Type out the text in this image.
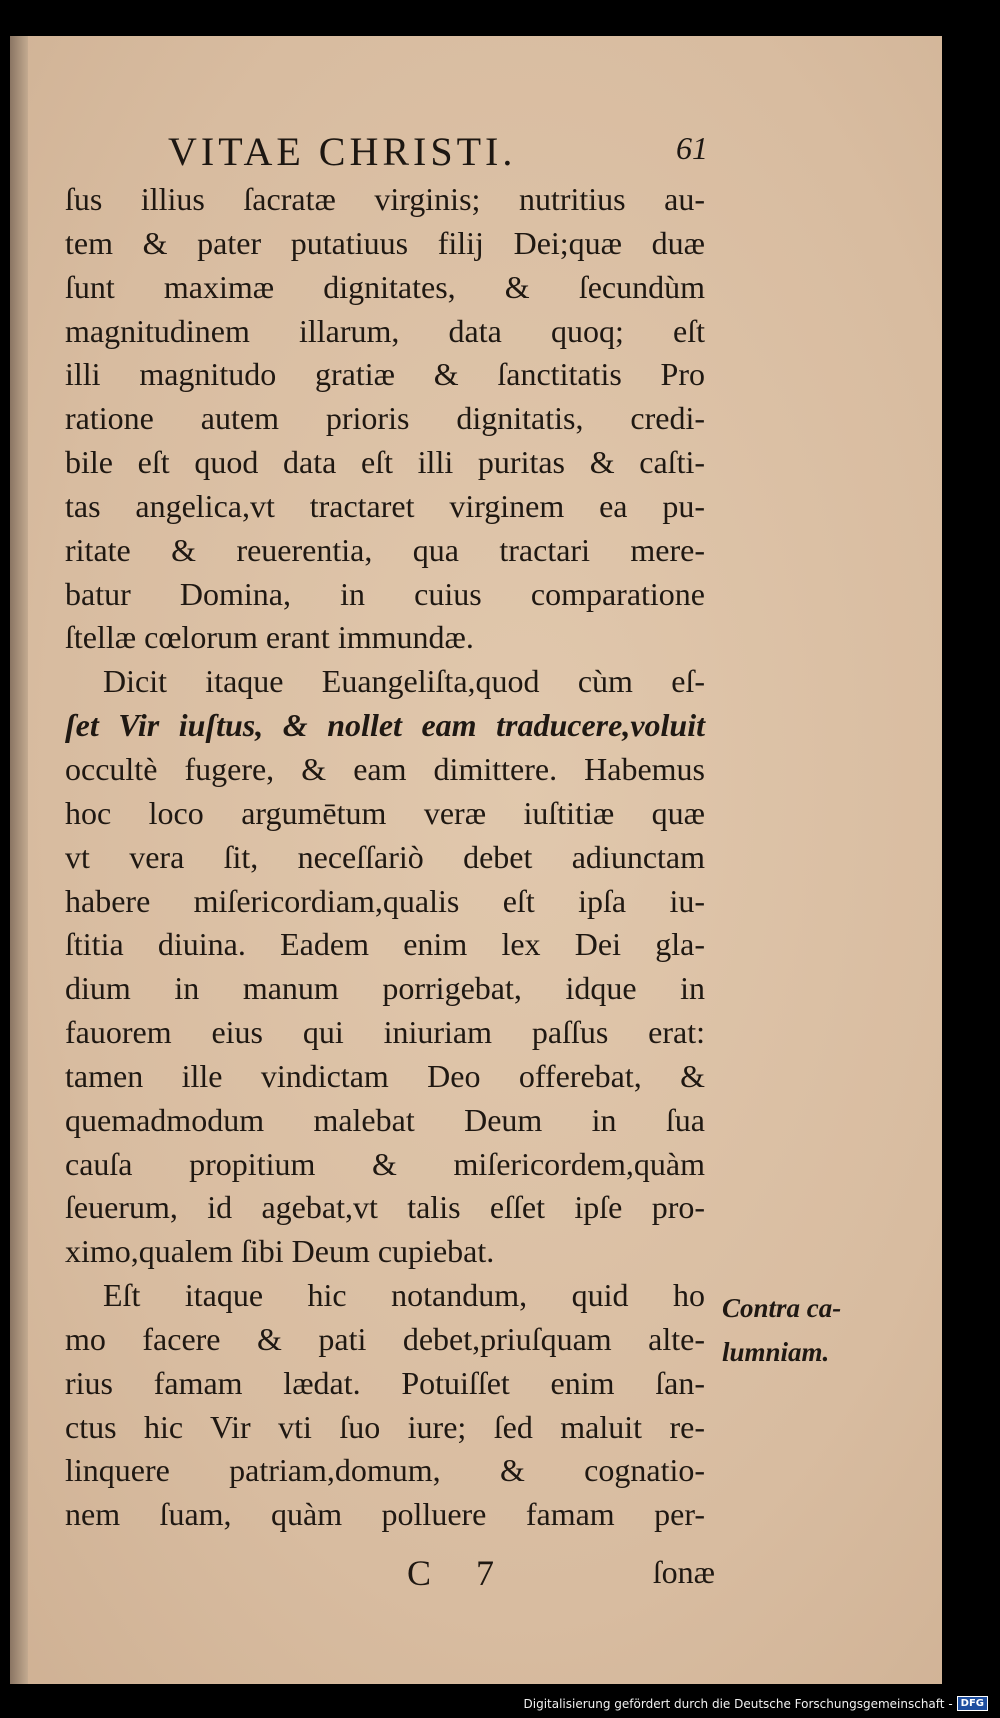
VITAE CHRISTI.	61
ſus illius ſacratæ virginis; nutritius au-
tem & pater putatiuus filij Dei;quæ duæ
ſunt maximæ dignitates, & ſecundùm
magnitudinem illarum, data quoq; eſt
illi magnitudo gratiæ & ſanctitatis Pro
ratione autem prioris dignitatis, credi-
bile eſt quod data eſt illi puritas & caſti-
tas angelica,vt tractaret virginem ea pu-
ritate & reuerentia, qua tractari mere-
batur Domina, in cuius comparatione
ſtellæ cœlorum erant immundæ.
Dicit itaque Euangeliſta,quod cùm eſ-
ſet Vir iuſtus, & nollet eam traducere,voluit
occultè fugere, & eam dimittere. Habemus
hoc loco argumētum veræ iuſtitiæ quæ
vt vera ſit, neceſſariò debet adiunctam
habere miſericordiam,qualis eſt ipſa iu-
ſtitia diuina. Eadem enim lex Dei gla-
dium in manum porrigebat, idque in
fauorem eius qui iniuriam paſſus erat:
tamen ille vindictam Deo offerebat, &
quemadmodum malebat Deum in ſua
cauſa propitium & miſericordem,quàm
ſeuerum, id agebat,vt talis eſſet ipſe pro-
ximo,qualem ſibi Deum cupiebat.
Eſt itaque hic notandum, quid ho
mo facere & pati debet,priuſquam alte-
rius famam lædat. Potuiſſet enim ſan-
ctus hic Vir vti ſuo iure; ſed maluit re-
linquere patriam,domum, & cognatio-
nem ſuam, quàm polluere famam per-
Contra ca-
lumniam.
C 7	ſonæ
Digitalisierung gefördert durch die Deutsche Forschungsgemeinschaft - DFG
